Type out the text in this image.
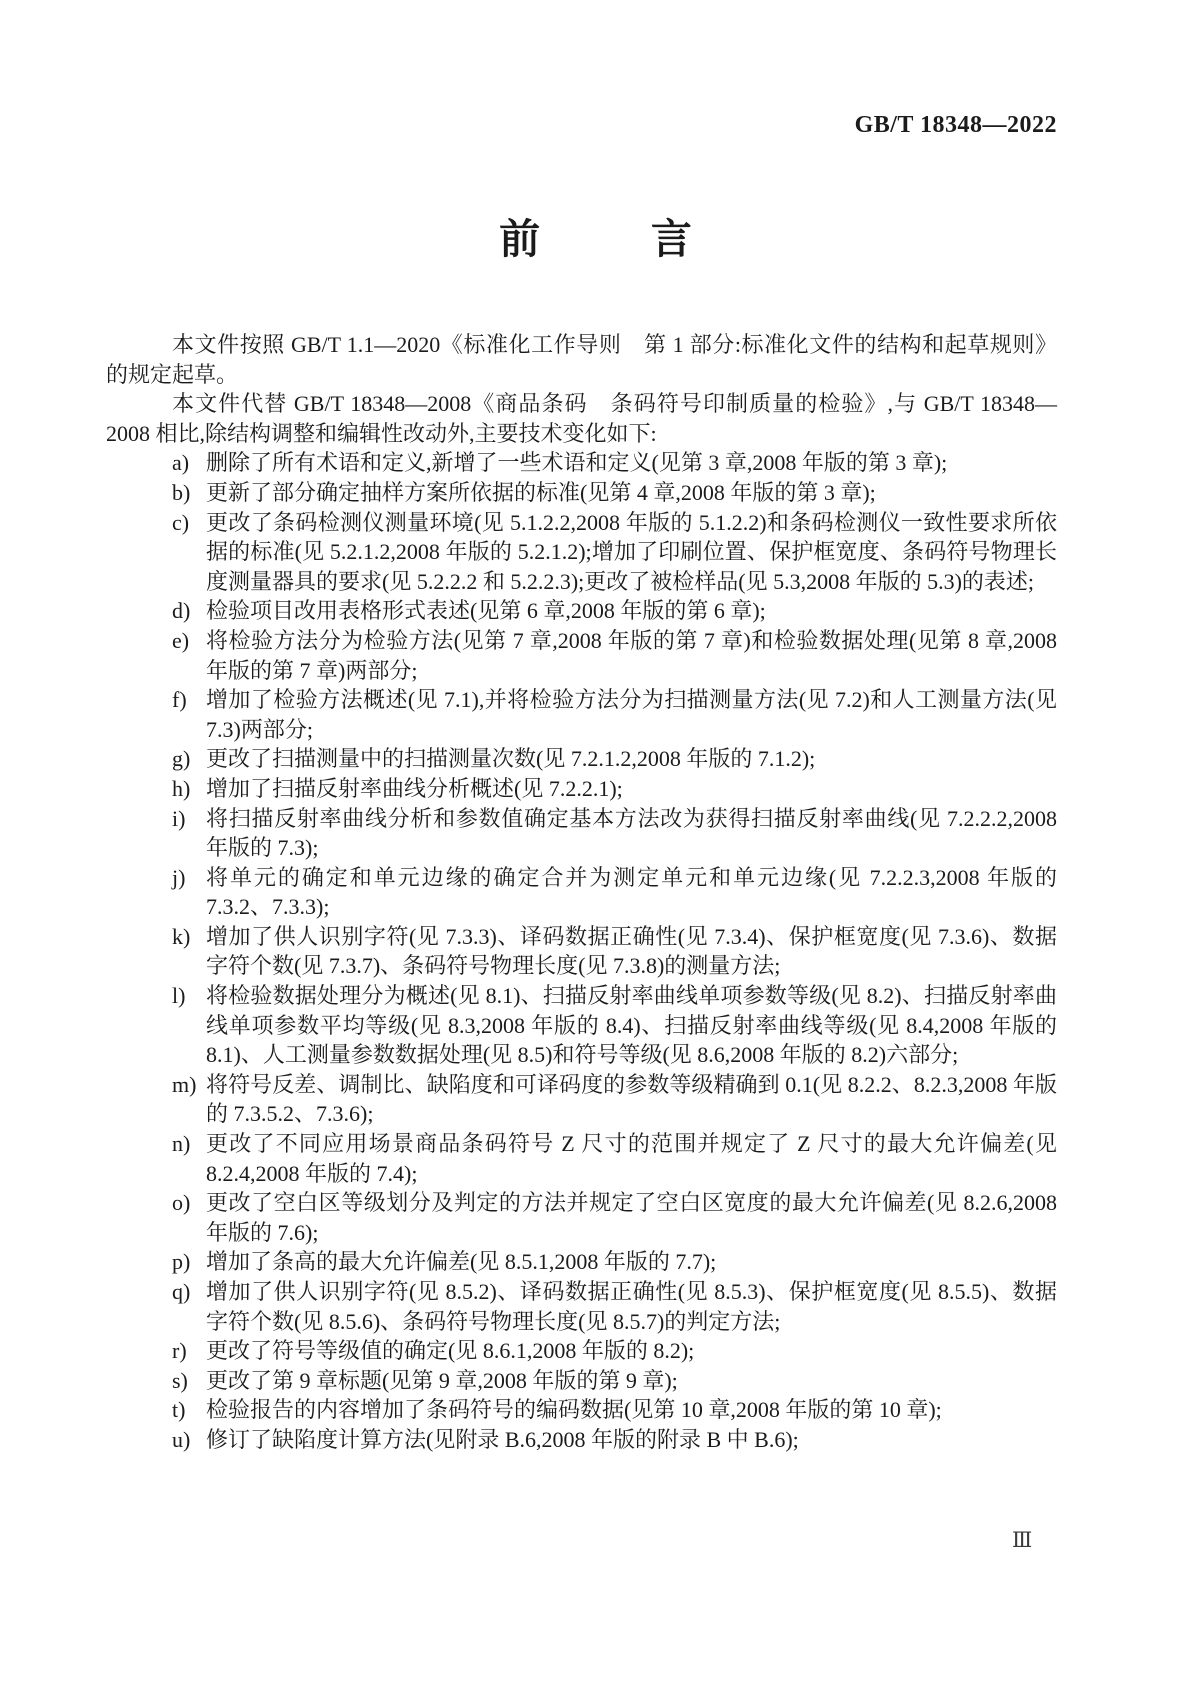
GB/T 18348—2022
前言

本文件按照 GB/T 1.1—2020《标准化工作导则　第 1 部分:标准化文件的结构和起草规则》的规定起草。

本文件代替 GB/T 18348—2008《商品条码　条码符号印制质量的检验》,与 GB/T 18348—2008 相比,除结构调整和编辑性改动外,主要技术变化如下:

a) 删除了所有术语和定义,新增了一些术语和定义(见第 3 章,2008 年版的第 3 章);
b) 更新了部分确定抽样方案所依据的标准(见第 4 章,2008 年版的第 3 章);
c) 更改了条码检测仪测量环境(见 5.1.2.2,2008 年版的 5.1.2.2)和条码检测仪一致性要求所依据的标准(见 5.2.1.2,2008 年版的 5.2.1.2);增加了印刷位置、保护框宽度、条码符号物理长度测量器具的要求(见 5.2.2.2 和 5.2.2.3);更改了被检样品(见 5.3,2008 年版的 5.3)的表述;
d) 检验项目改用表格形式表述(见第 6 章,2008 年版的第 6 章);
e) 将检验方法分为检验方法(见第 7 章,2008 年版的第 7 章)和检验数据处理(见第 8 章,2008 年版的第 7 章)两部分;
f) 增加了检验方法概述(见 7.1),并将检验方法分为扫描测量方法(见 7.2)和人工测量方法(见 7.3)两部分;
g) 更改了扫描测量中的扫描测量次数(见 7.2.1.2,2008 年版的 7.1.2);
h) 增加了扫描反射率曲线分析概述(见 7.2.2.1);
i) 将扫描反射率曲线分析和参数值确定基本方法改为获得扫描反射率曲线(见 7.2.2.2,2008 年版的 7.3);
j) 将单元的确定和单元边缘的确定合并为测定单元和单元边缘(见 7.2.2.3,2008 年版的 7.3.2、7.3.3);
k) 增加了供人识别字符(见 7.3.3)、译码数据正确性(见 7.3.4)、保护框宽度(见 7.3.6)、数据字符个数(见 7.3.7)、条码符号物理长度(见 7.3.8)的测量方法;
l) 将检验数据处理分为概述(见 8.1)、扫描反射率曲线单项参数等级(见 8.2)、扫描反射率曲线单项参数平均等级(见 8.3,2008 年版的 8.4)、扫描反射率曲线等级(见 8.4,2008 年版的 8.1)、人工测量参数数据处理(见 8.5)和符号等级(见 8.6,2008 年版的 8.2)六部分;
m) 将符号反差、调制比、缺陷度和可译码度的参数等级精确到 0.1(见 8.2.2、8.2.3,2008 年版的 7.3.5.2、7.3.6);
n) 更改了不同应用场景商品条码符号 Z 尺寸的范围并规定了 Z 尺寸的最大允许偏差(见 8.2.4,2008 年版的 7.4);
o) 更改了空白区等级划分及判定的方法并规定了空白区宽度的最大允许偏差(见 8.2.6,2008 年版的 7.6);
p) 增加了条高的最大允许偏差(见 8.5.1,2008 年版的 7.7);
q) 增加了供人识别字符(见 8.5.2)、译码数据正确性(见 8.5.3)、保护框宽度(见 8.5.5)、数据字符个数(见 8.5.6)、条码符号物理长度(见 8.5.7)的判定方法;
r) 更改了符号等级值的确定(见 8.6.1,2008 年版的 8.2);
s) 更改了第 9 章标题(见第 9 章,2008 年版的第 9 章);
t) 检验报告的内容增加了条码符号的编码数据(见第 10 章,2008 年版的第 10 章);
u) 修订了缺陷度计算方法(见附录 B.6,2008 年版的附录 B 中 B.6);
Ⅲ
